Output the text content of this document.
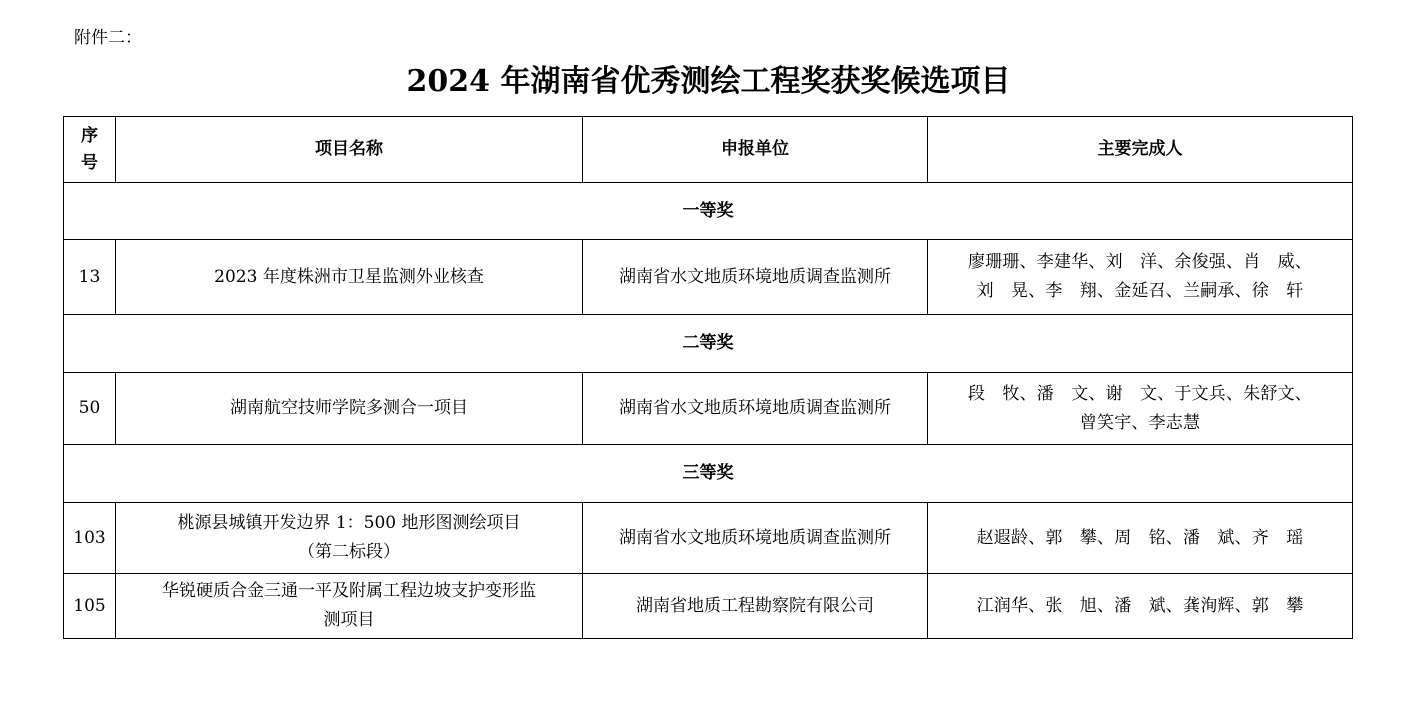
附件二：
2024 年湖南省优秀测绘工程奖获奖候选项目
序
号	项目名称	申报单位	主要完成人
一等奖			
13	2023 年度株洲市卫星监测外业核查	湖南省水文地质环境地质调查监测所	廖珊珊、李建华、刘　洋、余俊强、肖　威、
刘　晃、李　翔、金延召、兰嗣承、徐　轩
二等奖			
50	湖南航空技师学院多测合一项目	湖南省水文地质环境地质调查监测所	段　牧、潘　文、谢　文、于文兵、朱舒文、
曾笑宇、李志慧
三等奖			
103	桃源县城镇开发边界 1：500 地形图测绘项目
（第二标段）	湖南省水文地质环境地质调查监测所	赵遐龄、郭　攀、周　铭、潘　斌、齐　瑶
105	华锐硬质合金三通一平及附属工程边坡支护变形监
测项目	湖南省地质工程勘察院有限公司	江润华、张　旭、潘　斌、龚洵辉、郭　攀
